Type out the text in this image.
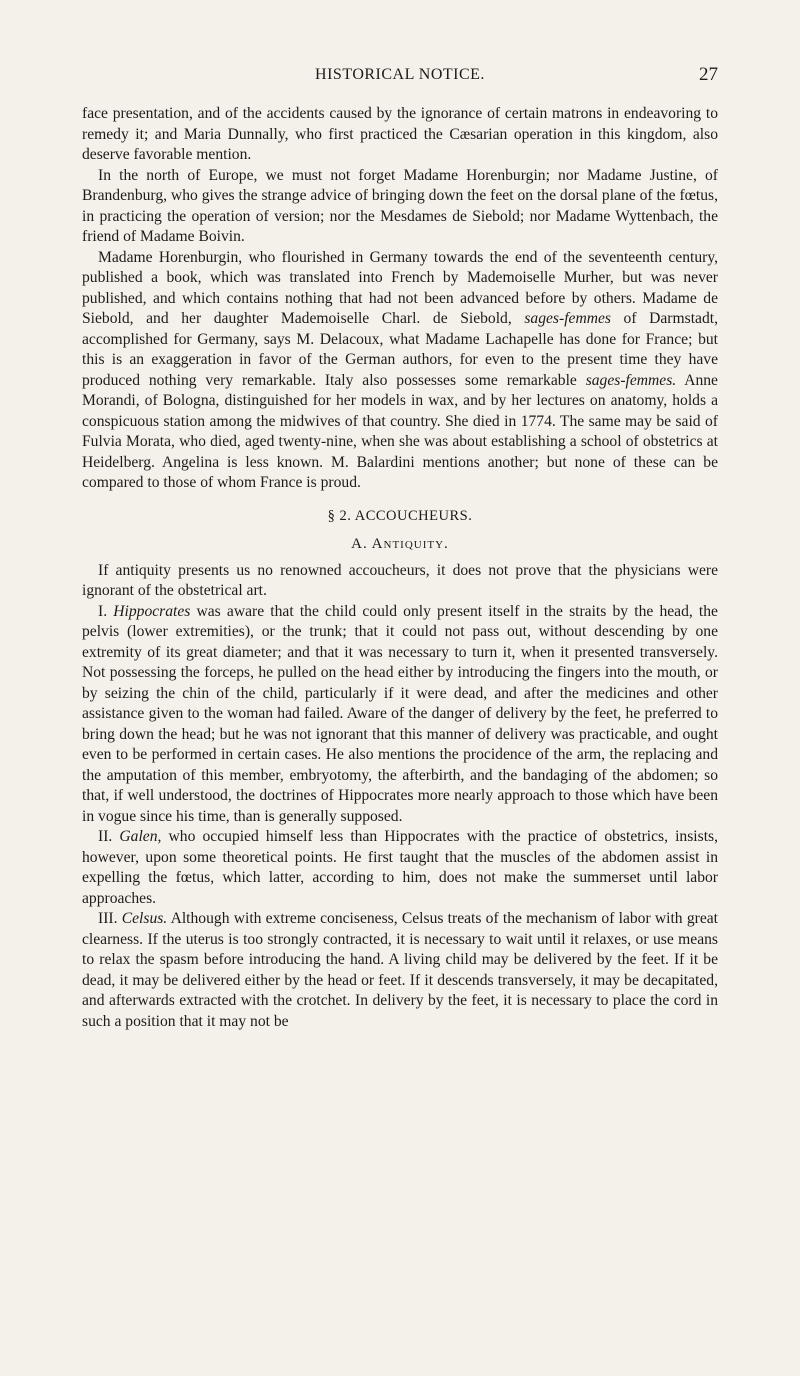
HISTORICAL NOTICE.	27

face presentation, and of the accidents caused by the ignorance of certain matrons in endeavoring to remedy it; and Maria Dunnally, who first practiced the Cæsarian operation in this kingdom, also deserve favorable mention.

In the north of Europe, we must not forget Madame Horenburgin; nor Madame Justine, of Brandenburg, who gives the strange advice of bringing down the feet on the dorsal plane of the fœtus, in practicing the operation of version; nor the Mesdames de Siebold; nor Madame Wyttenbach, the friend of Madame Boivin.

Madame Horenburgin, who flourished in Germany towards the end of the seventeenth century, published a book, which was translated into French by Mademoiselle Murher, but was never published, and which contains nothing that had not been advanced before by others. Madame de Siebold, and her daughter Mademoiselle Charl. de Siebold, sages-femmes of Darmstadt, accomplished for Germany, says M. Delacoux, what Madame Lachapelle has done for France; but this is an exaggeration in favor of the German authors, for even to the present time they have produced nothing very remarkable. Italy also possesses some remarkable sages-femmes. Anne Morandi, of Bologna, distinguished for her models in wax, and by her lectures on anatomy, holds a conspicuous station among the midwives of that country. She died in 1774. The same may be said of Fulvia Morata, who died, aged twenty-nine, when she was about establishing a school of obstetrics at Heidelberg. Angelina is less known. M. Balardini mentions another; but none of these can be compared to those of whom France is proud.

§ 2. ACCOUCHEURS.
A. Antiquity.

If antiquity presents us no renowned accoucheurs, it does not prove that the physicians were ignorant of the obstetrical art.

I. Hippocrates was aware that the child could only present itself in the straits by the head, the pelvis (lower extremities), or the trunk; that it could not pass out, without descending by one extremity of its great diameter; and that it was necessary to turn it, when it presented transversely. Not possessing the forceps, he pulled on the head either by introducing the fingers into the mouth, or by seizing the chin of the child, particularly if it were dead, and after the medicines and other assistance given to the woman had failed. Aware of the danger of delivery by the feet, he preferred to bring down the head; but he was not ignorant that this manner of delivery was practicable, and ought even to be performed in certain cases. He also mentions the procidence of the arm, the replacing and the amputation of this member, embryotomy, the afterbirth, and the bandaging of the abdomen; so that, if well understood, the doctrines of Hippocrates more nearly approach to those which have been in vogue since his time, than is generally supposed.

II. Galen, who occupied himself less than Hippocrates with the practice of obstetrics, insists, however, upon some theoretical points. He first taught that the muscles of the abdomen assist in expelling the fœtus, which latter, according to him, does not make the summerset until labor approaches.

III. Celsus. Although with extreme conciseness, Celsus treats of the mechanism of labor with great clearness. If the uterus is too strongly contracted, it is necessary to wait until it relaxes, or use means to relax the spasm before introducing the hand. A living child may be delivered by the feet. If it be dead, it may be delivered either by the head or feet. If it descends transversely, it may be decapitated, and afterwards extracted with the crotchet. In delivery by the feet, it is necessary to place the cord in such a position that it may not be
